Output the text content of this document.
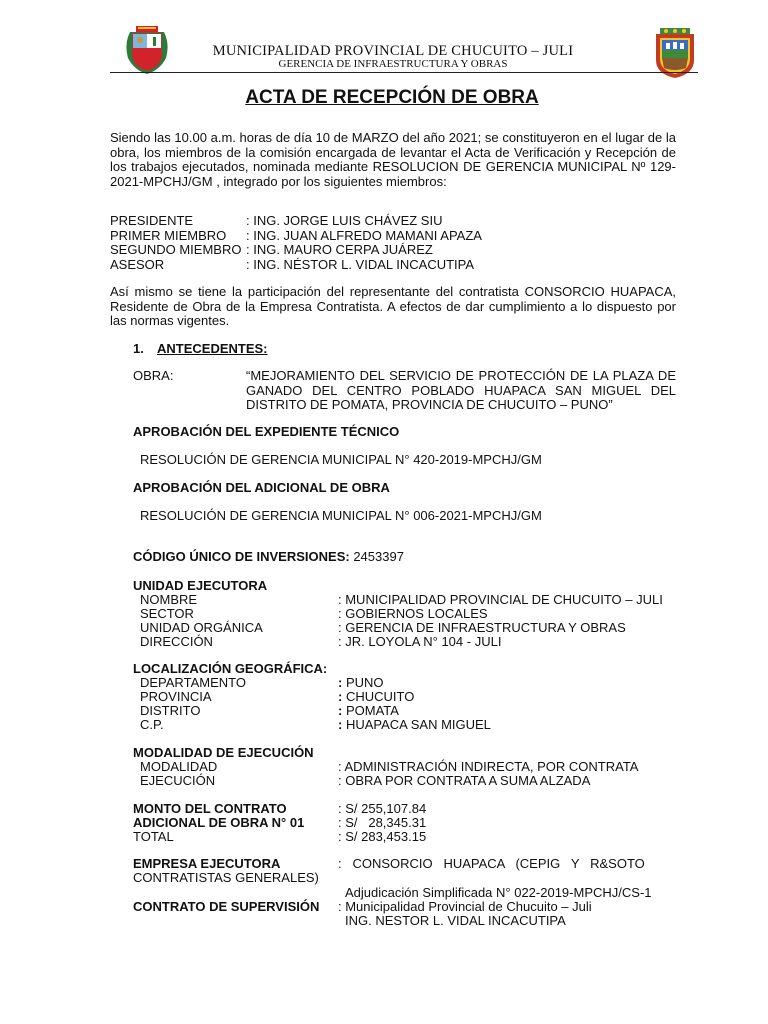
MUNICIPALIDAD PROVINCIAL DE CHUCUITO – JULI
GERENCIA DE INFRAESTRUCTURA Y OBRAS
ACTA DE RECEPCIÓN DE OBRA
Siendo las 10.00 a.m. horas de día 10 de MARZO del año 2021; se constituyeron en el lugar de la
obra, los miembros de la comisión encargada de levantar el Acta de Verificación y Recepción de
los trabajos ejecutados, nominada mediante RESOLUCION DE GERENCIA MUNICIPAL Nº 129-
2021-MPCHJ/GM , integrado por los siguientes miembros:
PRESIDENTE	: ING. JORGE LUIS CHÁVEZ SIU
PRIMER MIEMBRO : ING. JUAN ALFREDO MAMANI APAZA
SEGUNDO MIEMBRO : ING. MAURO CERPA JUÁREZ
ASESOR	: ING. NÉSTOR L. VIDAL INCACUTIPA
Así mismo se tiene la participación del representante del contratista CONSORCIO HUAPACA,
Residente de Obra de la Empresa Contratista. A efectos de dar cumplimiento a lo dispuesto por
las normas vigentes.
1. ANTECEDENTES:
OBRA:	“MEJORAMIENTO DEL SERVICIO DE PROTECCIÓN DE LA PLAZA DE
GANADO DEL CENTRO POBLADO HUAPACA SAN MIGUEL DEL
DISTRITO DE POMATA, PROVINCIA DE CHUCUITO – PUNO”
APROBACIÓN DEL EXPEDIENTE TÉCNICO
RESOLUCIÓN DE GERENCIA MUNICIPAL N° 420-2019-MPCHJ/GM
APROBACIÓN DEL ADICIONAL DE OBRA
RESOLUCIÓN DE GERENCIA MUNICIPAL N° 006-2021-MPCHJ/GM
CÓDIGO ÚNICO DE INVERSIONES: 2453397
UNIDAD EJECUTORA
NOMBRE	: MUNICIPALIDAD PROVINCIAL DE CHUCUITO – JULI
SECTOR	: GOBIERNOS LOCALES
UNIDAD ORGÁNICA	: GERENCIA DE INFRAESTRUCTURA Y OBRAS
DIRECCIÓN	: JR. LOYOLA N° 104 - JULI
LOCALIZACIÓN GEOGRÁFICA:
DEPARTAMENTO	: PUNO
PROVINCIA	: CHUCUITO
DISTRITO	: POMATA
C.P.	: HUAPACA SAN MIGUEL
MODALIDAD DE EJECUCIÓN
MODALIDAD	: ADMINISTRACIÓN INDIRECTA, POR CONTRATA
EJECUCIÓN	: OBRA POR CONTRATA A SUMA ALZADA
MONTO DEL CONTRATO	: S/ 255,107.84
ADICIONAL DE OBRA N° 01	: S/   28,345.31
TOTAL	: S/ 283,453.15
EMPRESA EJECUTORA	:   CONSORCIO   HUAPACA   (CEPIG   Y   R&SOTO
CONTRATISTAS GENERALES)
Adjudicación Simplificada N° 022-2019-MPCHJ/CS-1
CONTRATO DE SUPERVISIÓN : Municipalidad Provincial de Chucuito – Juli
ING. NESTOR L. VIDAL INCACUTIPA
